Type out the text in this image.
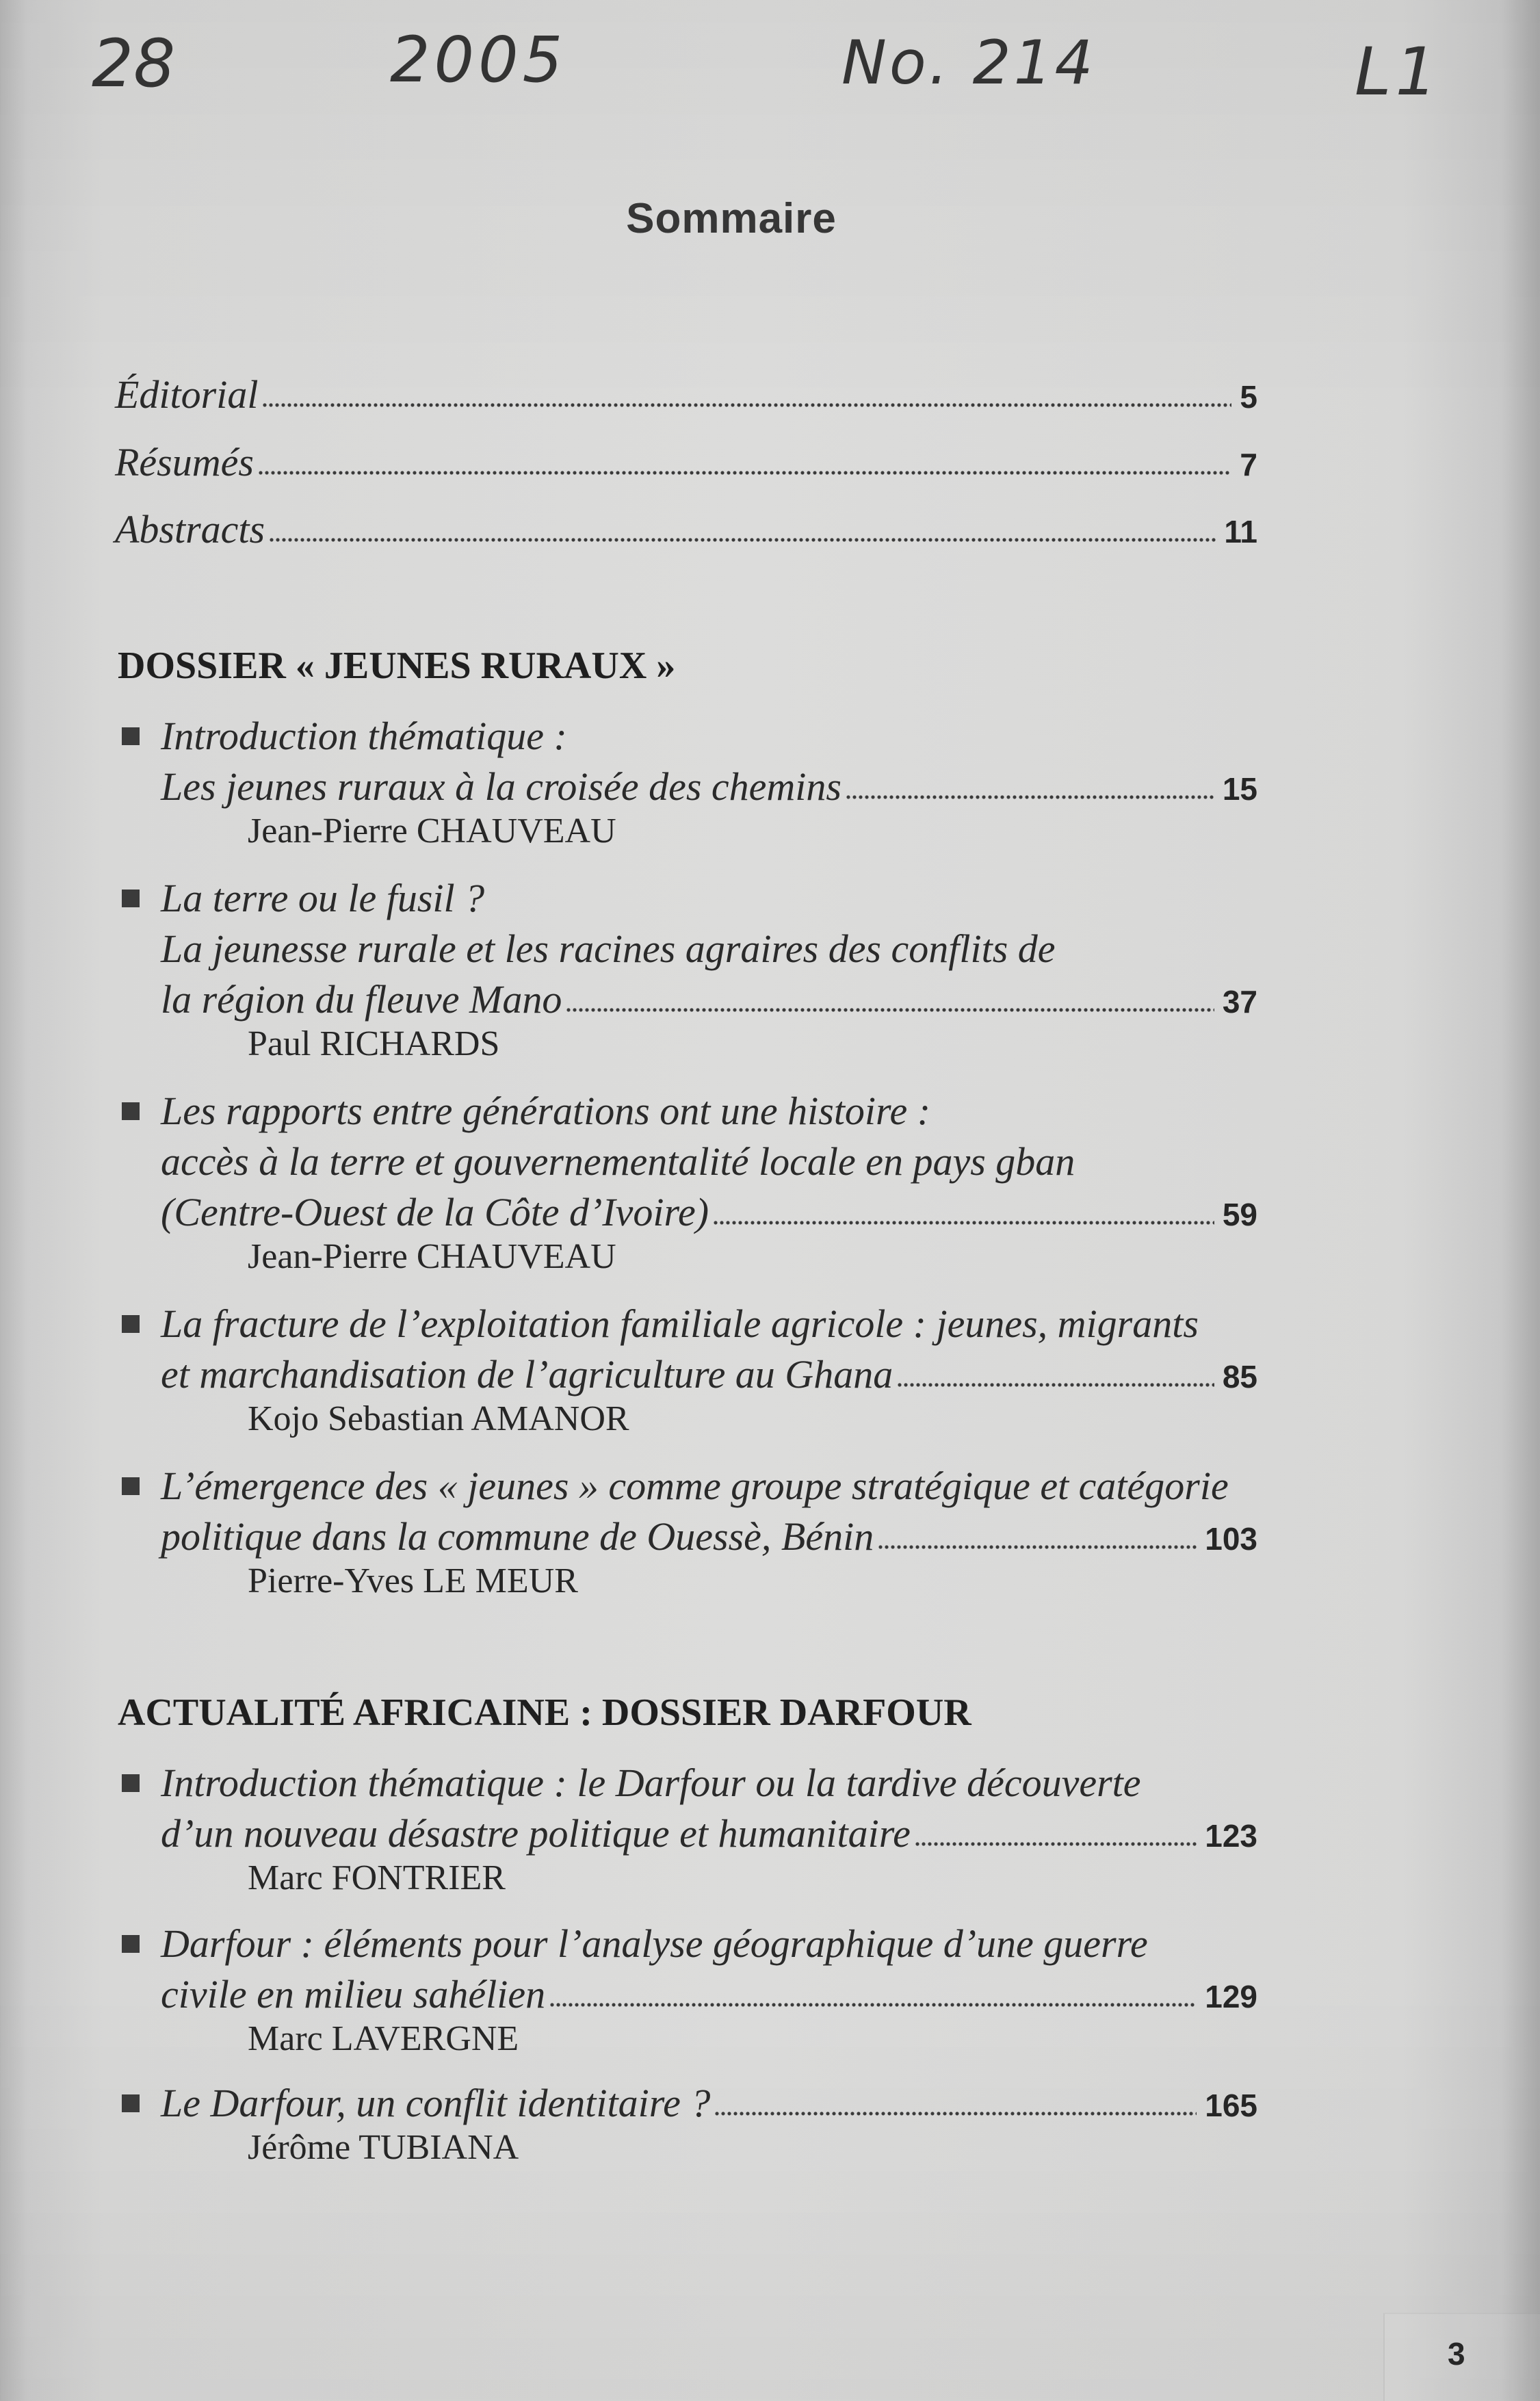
28	2005	No. 214	L1
Sommaire
Éditorial	5
Résumés	7
Abstracts	11
DOSSIER « JEUNES RURAUX »
Introduction thématique :
Les jeunes ruraux à la croisée des chemins	15
Jean-Pierre CHAUVEAU
La terre ou le fusil ?
La jeunesse rurale et les racines agraires des conflits de
la région du fleuve Mano	37
Paul RICHARDS
Les rapports entre générations ont une histoire :
accès à la terre et gouvernementalité locale en pays gban
(Centre-Ouest de la Côte d’Ivoire)	59
Jean-Pierre CHAUVEAU
La fracture de l’exploitation familiale agricole : jeunes, migrants
et marchandisation de l’agriculture au Ghana	85
Kojo Sebastian AMANOR
L’émergence des « jeunes » comme groupe stratégique et catégorie
politique dans la commune de Ouessè, Bénin	103
Pierre-Yves LE MEUR
ACTUALITÉ AFRICAINE : DOSSIER DARFOUR
Introduction thématique : le Darfour ou la tardive découverte
d’un nouveau désastre politique et humanitaire	123
Marc FONTRIER
Darfour : éléments pour l’analyse géographique d’une guerre
civile en milieu sahélien	129
Marc LAVERGNE
Le Darfour, un conflit identitaire ?	165
Jérôme TUBIANA
3
